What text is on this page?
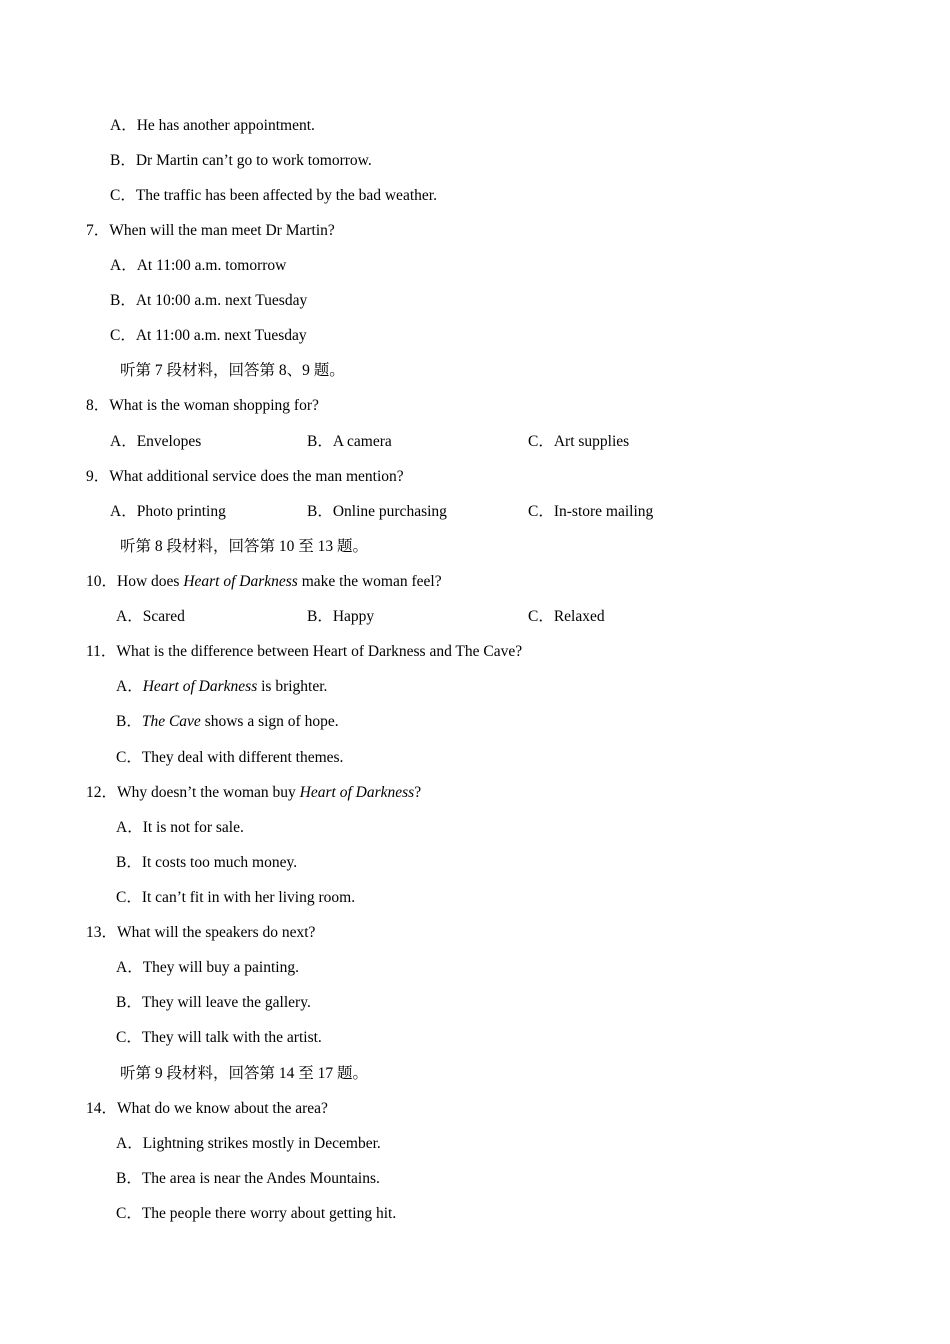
A．He has another appointment.
B．Dr Martin can’t go to work tomorrow.
C．The traffic has been affected by the bad weather.
7．When will the man meet Dr Martin?
A．At 11:00 a.m. tomorrow
B．At 10:00 a.m. next Tuesday
C．At 11:00 a.m. next Tuesday
听第 7 段材料，回答第 8、9 题。
8．What is the woman shopping for?
A．Envelopes	B．A camera	C．Art supplies
9．What additional service does the man mention?
A．Photo printing	B．Online purchasing	C．In-store mailing
听第 8 段材料，回答第 10 至 13 题。
10．How does Heart of Darkness make the woman feel?
A．Scared	B．Happy	C．Relaxed
11．What is the difference between Heart of Darkness and The Cave?
A．Heart of Darkness is brighter.
B．The Cave shows a sign of hope.
C．They deal with different themes.
12．Why doesn’t the woman buy Heart of Darkness?
A．It is not for sale.
B．It costs too much money.
C．It can’t fit in with her living room.
13．What will the speakers do next?
A．They will buy a painting.
B．They will leave the gallery.
C．They will talk with the artist.
听第 9 段材料，回答第 14 至 17 题。
14．What do we know about the area?
A．Lightning strikes mostly in December.
B．The area is near the Andes Mountains.
C．The people there worry about getting hit.
